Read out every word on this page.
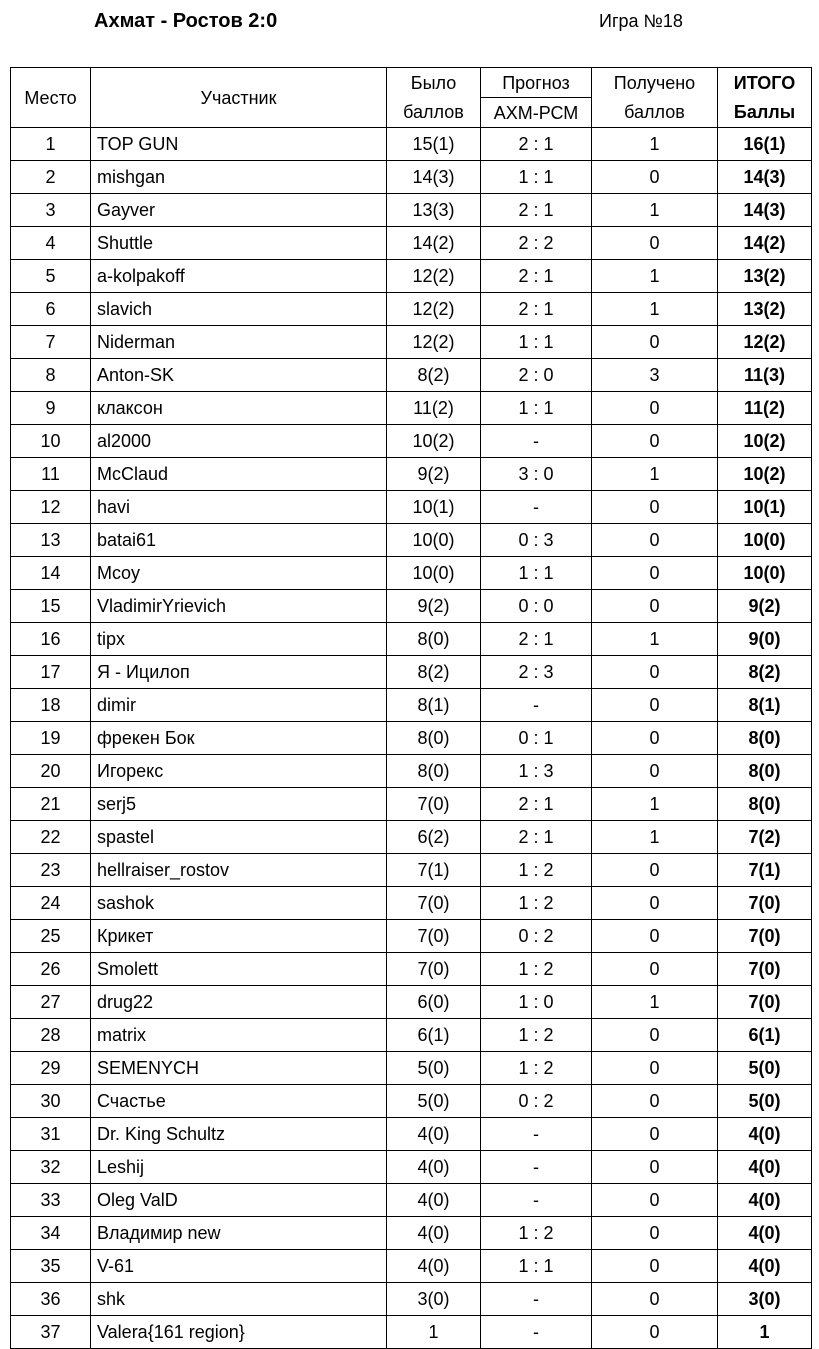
Ахмат - Ростов 2:0	Игра №18
Место	Участник	Было	Прогноз	Получено	ИТОГО
		баллов	АХМ-РСМ	баллов	Баллы
1	TOP GUN	15(1)	2 : 1	1	16(1)
2	mishgan	14(3)	1 : 1	0	14(3)
3	Gayver	13(3)	2 : 1	1	14(3)
4	Shuttle	14(2)	2 : 2	0	14(2)
5	a-kolpakoff	12(2)	2 : 1	1	13(2)
6	slavich	12(2)	2 : 1	1	13(2)
7	Niderman	12(2)	1 : 1	0	12(2)
8	Anton-SK	8(2)	2 : 0	3	11(3)
9	клаксон	11(2)	1 : 1	0	11(2)
10	al2000	10(2)	-	0	10(2)
11	McClaud	9(2)	3 : 0	1	10(2)
12	havi	10(1)	-	0	10(1)
13	batai61	10(0)	0 : 3	0	10(0)
14	Mcoy	10(0)	1 : 1	0	10(0)
15	VladimirYrievich	9(2)	0 : 0	0	9(2)
16	tipx	8(0)	2 : 1	1	9(0)
17	Я - Ицилоп	8(2)	2 : 3	0	8(2)
18	dimir	8(1)	-	0	8(1)
19	фрекен Бок	8(0)	0 : 1	0	8(0)
20	Игорекс	8(0)	1 : 3	0	8(0)
21	serj5	7(0)	2 : 1	1	8(0)
22	spastel	6(2)	2 : 1	1	7(2)
23	hellraiser_rostov	7(1)	1 : 2	0	7(1)
24	sashok	7(0)	1 : 2	0	7(0)
25	Крикет	7(0)	0 : 2	0	7(0)
26	Smolett	7(0)	1 : 2	0	7(0)
27	drug22	6(0)	1 : 0	1	7(0)
28	matrix	6(1)	1 : 2	0	6(1)
29	SEMENYCH	5(0)	1 : 2	0	5(0)
30	Счастье	5(0)	0 : 2	0	5(0)
31	Dr. King Schultz	4(0)	-	0	4(0)
32	Leshij	4(0)	-	0	4(0)
33	Oleg ValD	4(0)	-	0	4(0)
34	Владимир new	4(0)	1 : 2	0	4(0)
35	V-61	4(0)	1 : 1	0	4(0)
36	shk	3(0)	-	0	3(0)
37	Valera{161 region}	1	-	0	1
